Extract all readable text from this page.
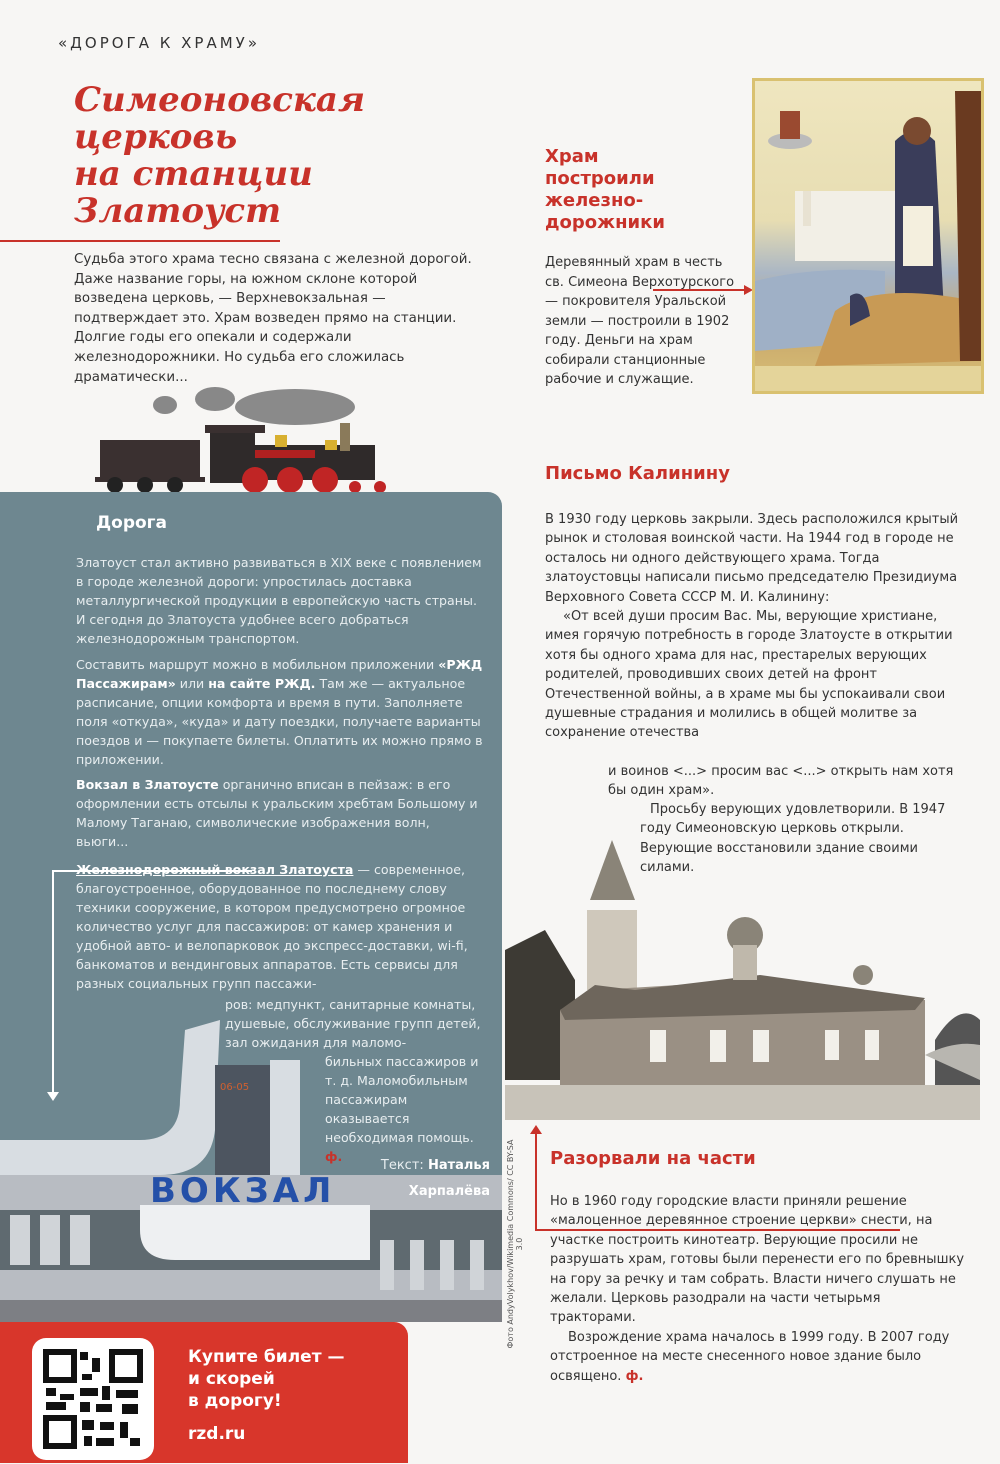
«ДОРОГА К ХРАМУ»
Симеоновская
церковь
на станции
Златоуст
Судьба этого храма тесно связана с железной дорогой. Даже название горы, на южном склоне которой возведена церковь, — Верхневокзальная — подтверждает это. Храм возведен прямо на станции. Долгие годы его опекали и содержали железнодорожники. Но судьба его сложилась драматически...
Дорога
Златоуст стал активно развиваться в XIX веке с появлением в городе железной дороги: упростилась доставка металлургической продукции в европейскую часть страны. И сегодня до Златоуста удобнее всего добраться железнодорожным транспортом.
Составить маршрут можно в мобильном приложении «РЖД Пассажирам» или на сайте РЖД. Там же — актуальное расписание, опции комфорта и время в пути. Заполняете поля «откуда», «куда» и дату поездки, получаете варианты поездов и — покупаете билеты. Оплатить их можно прямо в приложении.
Вокзал в Златоусте органично вписан в пейзаж: в его оформлении есть отсылы к уральским хребтам Большому и Малому Таганаю, символические изображения волн, вьюги...
Железнодорожный вокзал Златоуста — современное, благоустроенное, оборудованное по последнему слову техники сооружение, в котором предусмотрено огромное количество услуг для пассажиров: от камер хранения и удобной авто- и велопарковок до экспресс-доставки, wi-fi, банкоматов и вендинговых аппаратов. Есть сервисы для разных социальных групп пассажи-
06-05
ВОКЗАЛ
ров: медпункт, санитарные комнаты, душевые, обслуживание групп детей, зал ожидания для маломо-
бильных пассажиров и т. д. Маломобильным пассажирам оказывается необходимая помощь. ф.
Текст: Наталья
Харпалёва
Купите билет —
и скорей
в дорогу!
rzd.ru
Храм
построили
железно-
дорожники
Деревянный храм в честь св. Симеона Верхотурского — покровителя Уральской земли — построили в 1902 году. Деньги на храм собирали станционные рабочие и служащие.
Письмо Калинину
В 1930 году церковь закрыли. Здесь расположился крытый рынок и столовая воинской части. На 1944 год в городе не осталось ни одного действующего храма. Тогда златоустовцы написали письмо председателю Президиума Верховного Совета СССР М. И. Калинину:
«От всей души просим Вас. Мы, верующие христиане, имея горячую потребность в городе Златоусте в открытии хотя бы одного храма для нас, престарелых верующих родителей, проводивших своих детей на фронт Отечественной войны, а в храме мы бы успокаивали свои душевные страдания и молились в общей молитве за сохранение отечества
и воинов <...> просим вас <...> открыть нам хотя бы один храм».
Просьбу верующих удовлетворили. В 1947 году Симеоновскую церковь открыли. Верующие восстановили здание своими силами.
Фото AndyVolykhov/Wikimedia Commons/ CC BY-SA 3.0
Разорвали на части
Но в 1960 году городские власти приняли решение «малоценное деревянное строение церкви» снести, на участке построить кинотеатр. Верующие просили не разрушать храм, готовы были перенести его по бревнышку на гору за речку и там собрать. Власти ничего слушать не желали. Церковь разодрали на части четырьмя тракторами.
Возрождение храма началось в 1999 году. В 2007 году отстроенное на месте снесенного новое здание было освящено. ф.
